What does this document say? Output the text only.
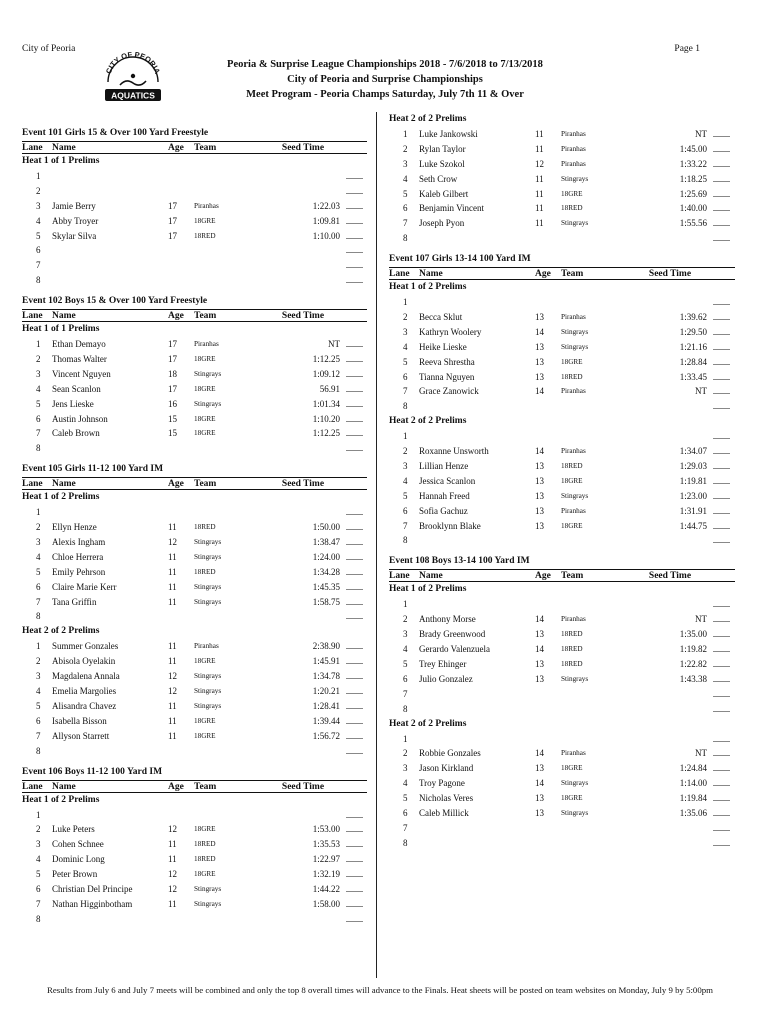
City of Peoria	Page 1
CITY OF PEORIA
AQUATICS
Peoria & Surprise League Championships 2018 - 7/6/2018 to 7/13/2018
City of Peoria and Surprise Championships
Meet Program - Peoria Champs Saturday, July 7th 11 & Over
Event 101 Girls 15 & Over 100 Yard Freestyle
Lane Name	Age	Team	Seed Time
Heat 1 of 1 Prelims
1
2
3	Jamie Berry	17	Piranhas	1:22.03
4	Abby Troyer	17	18GRE	1:09.81
5	Skylar Silva	17	18RED	1:10.00
6
7
8
Event 102 Boys 15 & Over 100 Yard Freestyle
Lane Name	Age	Team	Seed Time
Heat 1 of 1 Prelims
1	Ethan Demayo	17	Piranhas	NT
2	Thomas Walter	17	18GRE	1:12.25
3	Vincent Nguyen	18	Stingrays	1:09.12
4	Sean Scanlon	17	18GRE	56.91
5	Jens Lieske	16	Stingrays	1:01.34
6	Austin Johnson	15	18GRE	1:10.20
7	Caleb Brown	15	18GRE	1:12.25
8
Event 105 Girls 11-12 100 Yard IM
Lane Name	Age	Team	Seed Time
Heat 1 of 2 Prelims
1
2	Ellyn Henze	11	18RED	1:50.00
3	Alexis Ingham	12	Stingrays	1:38.47
4	Chloe Herrera	11	Stingrays	1:24.00
5	Emily Pehrson	11	18RED	1:34.28
6	Claire Marie Kerr	11	Stingrays	1:45.35
7	Tana Griffin	11	Stingrays	1:58.75
8
Heat 2 of 2 Prelims
1	Summer Gonzales	11	Piranhas	2:38.90
2	Abisola Oyelakin	11	18GRE	1:45.91
3	Magdalena Annala	12	Stingrays	1:34.78
4	Emelia Margolies	12	Stingrays	1:20.21
5	Alisandra Chavez	11	Stingrays	1:28.41
6	Isabella Bisson	11	18GRE	1:39.44
7	Allyson Starrett	11	18GRE	1:56.72
8
Event 106 Boys 11-12 100 Yard IM
Lane Name	Age	Team	Seed Time
Heat 1 of 2 Prelims
1
2	Luke Peters	12	18GRE	1:53.00
3	Cohen Schnee	11	18RED	1:35.53
4	Dominic Long	11	18RED	1:22.97
5	Peter Brown	12	18GRE	1:32.19
6	Christian Del Principe	12	Stingrays	1:44.22
7	Nathan Higginbotham	11	Stingrays	1:58.00
8
Heat 2 of 2 Prelims
1	Luke Jankowski	11	Piranhas	NT
2	Rylan Taylor	11	Piranhas	1:45.00
3	Luke Szokol	12	Piranhas	1:33.22
4	Seth Crow	11	Stingrays	1:18.25
5	Kaleb Gilbert	11	18GRE	1:25.69
6	Benjamin Vincent	11	18RED	1:40.00
7	Joseph Pyon	11	Stingrays	1:55.56
8
Event 107 Girls 13-14 100 Yard IM
Lane Name	Age	Team	Seed Time
Heat 1 of 2 Prelims
1
2	Becca Sklut	13	Piranhas	1:39.62
3	Kathryn Woolery	14	Stingrays	1:29.50
4	Heike Lieske	13	Stingrays	1:21.16
5	Reeva Shrestha	13	18GRE	1:28.84
6	Tianna Nguyen	13	18RED	1:33.45
7	Grace Zanowick	14	Piranhas	NT
8
Heat 2 of 2 Prelims
1
2	Roxanne Unsworth	14	Piranhas	1:34.07
3	Lillian Henze	13	18RED	1:29.03
4	Jessica Scanlon	13	18GRE	1:19.81
5	Hannah Freed	13	Stingrays	1:23.00
6	Sofia Gachuz	13	Piranhas	1:31.91
7	Brooklynn Blake	13	18GRE	1:44.75
8
Event 108 Boys 13-14 100 Yard IM
Lane Name	Age	Team	Seed Time
Heat 1 of 2 Prelims
1
2	Anthony Morse	14	Piranhas	NT
3	Brady Greenwood	13	18RED	1:35.00
4	Gerardo Valenzuela	14	18RED	1:19.82
5	Trey Ehinger	13	18RED	1:22.82
6	Julio Gonzalez	13	Stingrays	1:43.38
7
8
Heat 2 of 2 Prelims
1
2	Robbie Gonzales	14	Piranhas	NT
3	Jason Kirkland	13	18GRE	1:24.84
4	Troy Pagone	14	Stingrays	1:14.00
5	Nicholas Veres	13	18GRE	1:19.84
6	Caleb Millick	13	Stingrays	1:35.06
7
8
Results from July 6 and July 7 meets will be combined and only the top 8 overall times will advance to the Finals. Heat sheets will be posted on team websites on Monday, July 9 by 5:00pm
